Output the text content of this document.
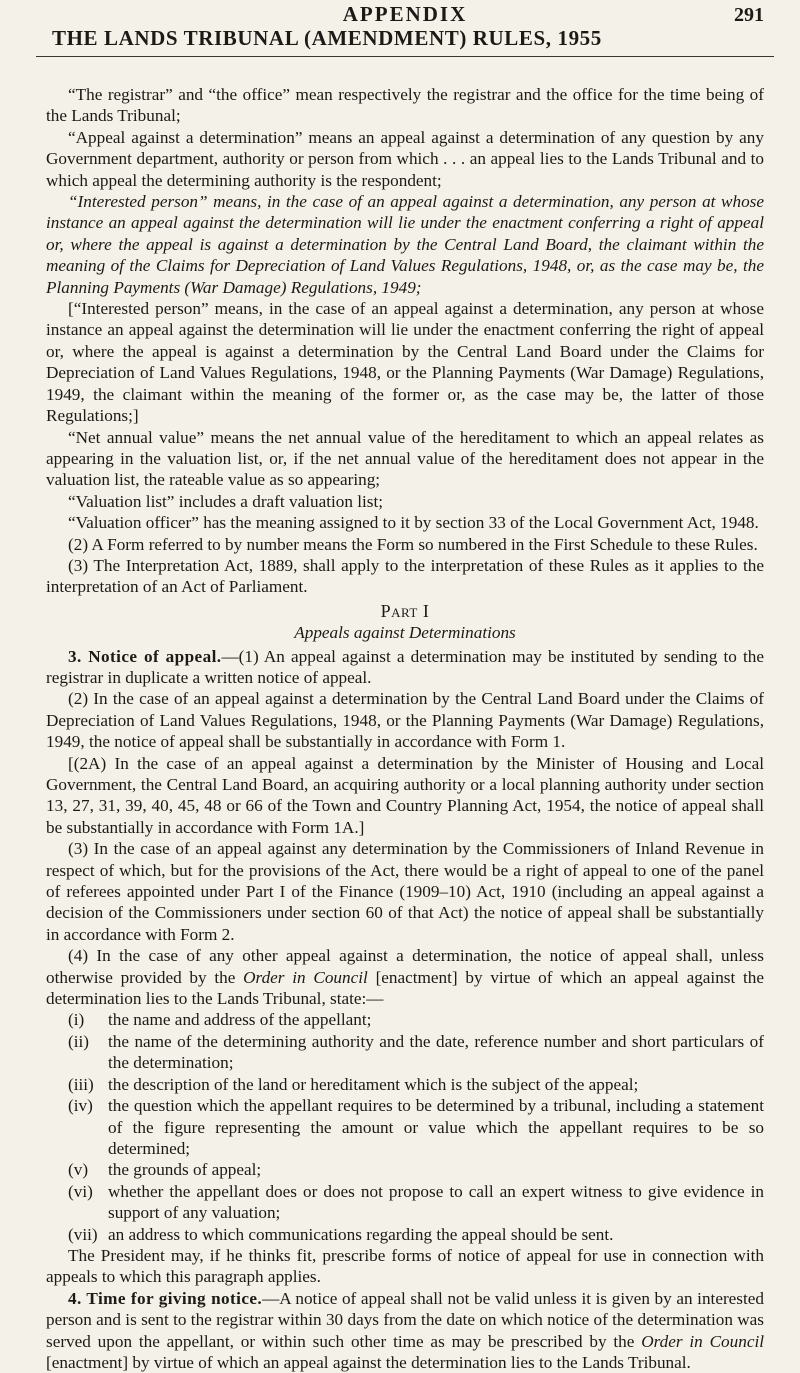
APPENDIX	291
THE LANDS TRIBUNAL (AMENDMENT) RULES, 1955

“The registrar” and “the office” mean respectively the registrar and the office for the time being of the Lands Tribunal;

“Appeal against a determination” means an appeal against a determination of any question by any Government department, authority or person from which . . . an appeal lies to the Lands Tribunal and to which appeal the determining authority is the respondent;

“Interested person” means, in the case of an appeal against a determination, any person at whose instance an appeal against the determination will lie under the enactment conferring a right of appeal or, where the appeal is against a determination by the Central Land Board, the claimant within the meaning of the Claims for Depreciation of Land Values Regulations, 1948, or, as the case may be, the Planning Payments (War Damage) Regulations, 1949;

[“Interested person” means, in the case of an appeal against a determination, any person at whose instance an appeal against the determination will lie under the enactment conferring the right of appeal or, where the appeal is against a determination by the Central Land Board under the Claims for Depreciation of Land Values Regulations, 1948, or the Planning Payments (War Damage) Regulations, 1949, the claimant within the meaning of the former or, as the case may be, the latter of those Regulations;]

“Net annual value” means the net annual value of the hereditament to which an appeal relates as appearing in the valuation list, or, if the net annual value of the hereditament does not appear in the valuation list, the rateable value as so appearing;

“Valuation list” includes a draft valuation list;

“Valuation officer” has the meaning assigned to it by section 33 of the Local Government Act, 1948.

(2) A Form referred to by number means the Form so numbered in the First Schedule to these Rules.

(3) The Interpretation Act, 1889, shall apply to the interpretation of these Rules as it applies to the interpretation of an Act of Parliament.

Part I

Appeals against Determinations

3. Notice of appeal.—(1) An appeal against a determination may be instituted by sending to the registrar in duplicate a written notice of appeal.

(2) In the case of an appeal against a determination by the Central Land Board under the Claims of Depreciation of Land Values Regulations, 1948, or the Planning Payments (War Damage) Regulations, 1949, the notice of appeal shall be substantially in accordance with Form 1.

[(2A) In the case of an appeal against a determination by the Minister of Housing and Local Government, the Central Land Board, an acquiring authority or a local planning authority under section 13, 27, 31, 39, 40, 45, 48 or 66 of the Town and Country Planning Act, 1954, the notice of appeal shall be substantially in accordance with Form 1A.]

(3) In the case of an appeal against any determination by the Commissioners of Inland Revenue in respect of which, but for the provisions of the Act, there would be a right of appeal to one of the panel of referees appointed under Part I of the Finance (1909–10) Act, 1910 (including an appeal against a decision of the Commissioners under section 60 of that Act) the notice of appeal shall be substantially in accordance with Form 2.

(4) In the case of any other appeal against a determination, the notice of appeal shall, unless otherwise provided by the Order in Council [enactment] by virtue of which an appeal against the determination lies to the Lands Tribunal, state:—

(i)	the name and address of the appellant;
(ii)	the name of the determining authority and the date, reference number and short particulars of the determination;
(iii) the description of the land or hereditament which is the subject of the appeal;
(iv) the question which the appellant requires to be determined by a tribunal, including a statement of the figure representing the amount or value which the appellant requires to be so determined;
(v)	the grounds of appeal;
(vi) whether the appellant does or does not propose to call an expert witness to give evidence in support of any valuation;
(vii) an address to which communications regarding the appeal should be sent.

The President may, if he thinks fit, prescribe forms of notice of appeal for use in connection with appeals to which this paragraph applies.

4. Time for giving notice.—A notice of appeal shall not be valid unless it is given by an interested person and is sent to the registrar within 30 days from the date on which notice of the determination was served upon the appellant, or within such other time as may be prescribed by the Order in Council [enactment] by virtue of which an appeal against the determination lies to the Lands Tribunal.
